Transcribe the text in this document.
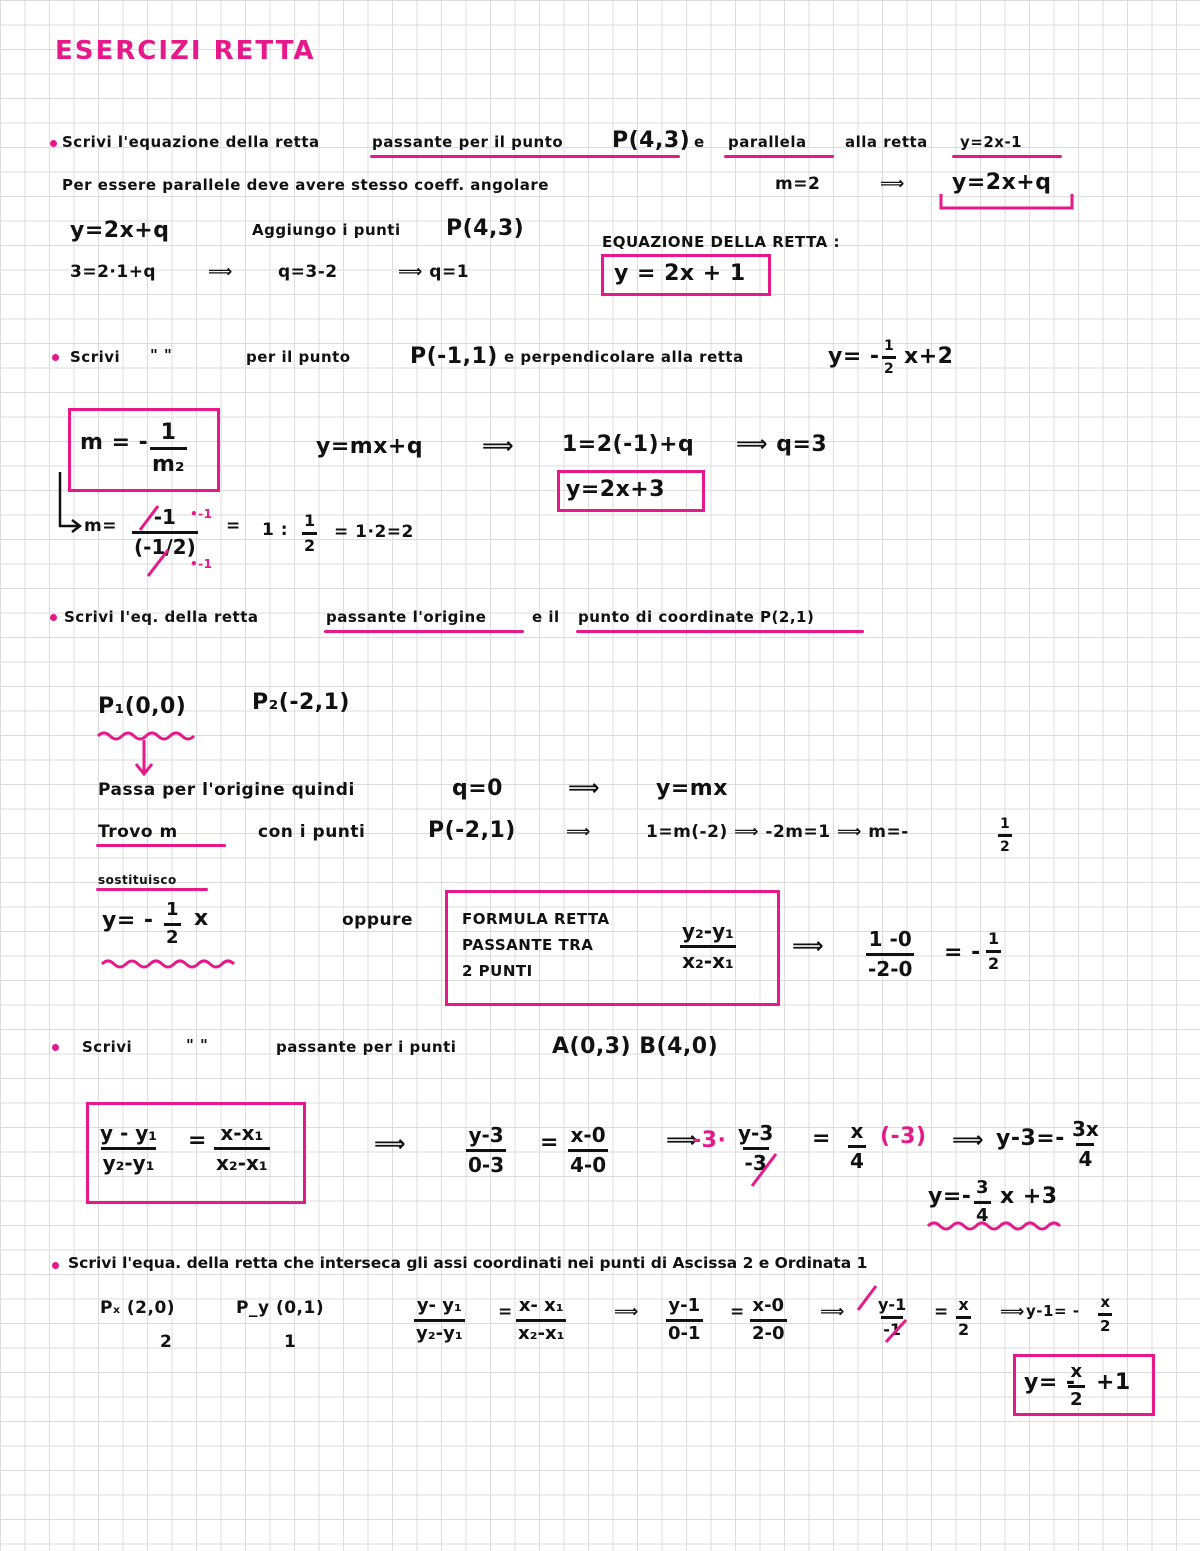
ESERCIZI RETTA
Scrivi l'equazione della retta	passante per il punto P(4,3) e parallela	alla retta y=2x-1
Per essere parallele deve avere stesso coeff. angolare	m=2	⟹ y=2x+q
y=2x+q	Aggiungo i punti P(4,3)
EQUAZIONE DELLA RETTA :
3=2·1+q	⟹	q=3-2	⟹ q=1	y = 2x + 1
Scrivi " "	per il punto	P(-1,1) e perpendicolare alla retta	$y= - \frac{1}{2} x+2$
m = - $\frac{1}{\text{m₂}}$	y=mx+q	⟹ 1=2(-1)+q ⟹ q=3
y=2x+3
$m= \frac{-1}{(-1/2)}$
•-1
•-1
= 1 : $\frac{1}{2} = 1\cdot 2=2$
Scrivi l'eq. della retta	passante l'origine	e il punto di coordinate P(2,1)
P₁(0,0)	P₂(-2,1)
Passa per l'origine quindi	q=0	⟹	y=mx
Trovo m	con i punti	P(-2,1)	⟹	1=m(-2) ⟹ -2m=1 ⟹ m=-	$\frac{1}{2}$
sostituisco
$y= - \frac{1}{2}$ x	oppure	FORMULA RETTA
PASSANTE TRA
2 PUNTI	$\frac{\text{y₂-y₁}}{\text{x₂-x₁}}$	⟹ $\frac{1 -0}{-2-0}$ = - $\frac{1}{2}$
Scrivi	" "	passante per i punti	A(0,3) B(4,0)
$\frac{\text{y - y₁}}{\text{y₂-y₁}} = \frac{\text{x-x₁}}{\text{x₂-x₁}}$	⟹	$\frac{y-3}{0-3} = \frac{x-0}{4-0}$	⟹
$-3\cdot \frac{y-3}{-3} = \frac{x}{4} (-3)$ ⟹ $y-3=- \frac{3x}{4}$
$y=- \frac{3}{4}$ x +3
Scrivi l'equa. della retta che interseca gli assi coordinati nei punti di Ascissa 2 e Ordinata 1
Pₓ (2,0)	P_y (0,1)
2	1	$\frac{\text{y- y₁}}{\text{y₂-y₁}} = \frac{\text{x- x₁}}{\text{x₂-x₁}}$	⟹ $\frac{y-1}{0-1} = \frac{x-0}{2-0}$ ⟹ $\frac{y-1}{-1} = \frac{x}{2}$ ⟹ $y-1= - \frac{x}{2}$
y= -
$\frac{x}{2} +1$
